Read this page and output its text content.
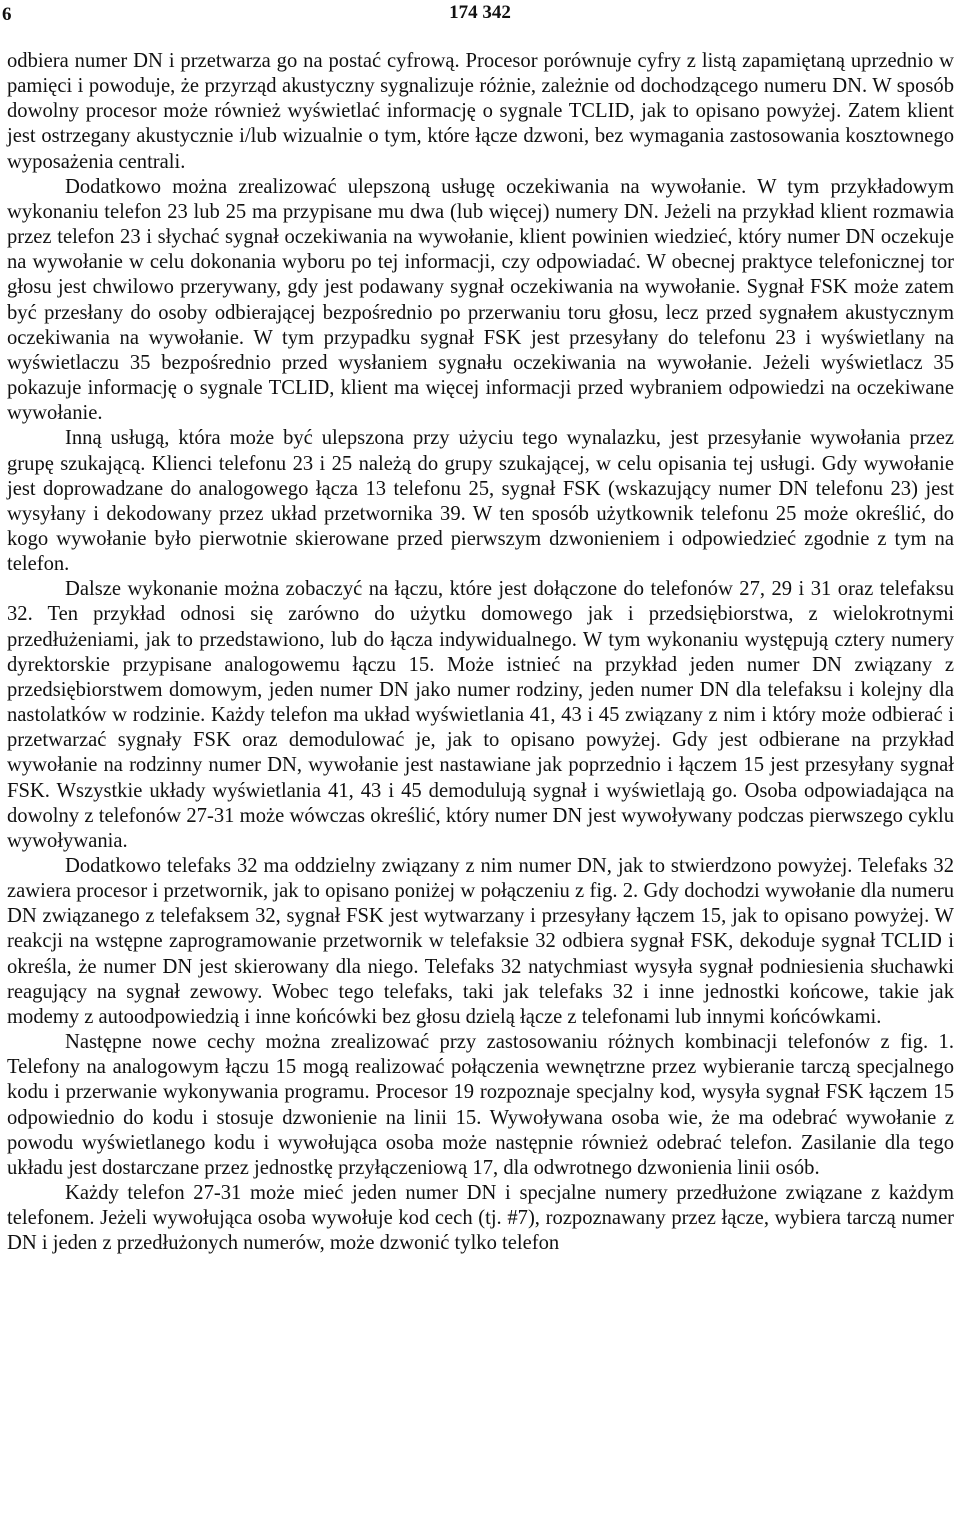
6	174 342

odbiera numer DN i przetwarza go na postać cyfrową. Procesor porównuje cyfry z listą zapamiętaną uprzednio w pamięci i powoduje, że przyrząd akustyczny sygnalizuje różnie, zależnie od dochodzącego numeru DN. W sposób dowolny procesor może również wyświetlać informację o sygnale TCLID, jak to opisano powyżej. Zatem klient jest ostrzegany akustycznie i/lub wizualnie o tym, które łącze dzwoni, bez wymagania zastosowania kosztownego wyposażenia centrali.

Dodatkowo można zrealizować ulepszoną usługę oczekiwania na wywołanie. W tym przykładowym wykonaniu telefon 23 lub 25 ma przypisane mu dwa (lub więcej) numery DN. Jeżeli na przykład klient rozmawia przez telefon 23 i słychać sygnał oczekiwania na wywołanie, klient powinien wiedzieć, który numer DN oczekuje na wywołanie w celu dokonania wyboru po tej informacji, czy odpowiadać. W obecnej praktyce telefonicznej tor głosu jest chwilowo przerywany, gdy jest podawany sygnał oczekiwania na wywołanie. Sygnał FSK może zatem być przesłany do osoby odbierającej bezpośrednio po przerwaniu toru głosu, lecz przed sygnałem akustycznym oczekiwania na wywołanie. W tym przypadku sygnał FSK jest przesyłany do telefonu 23 i wyświetlany na wyświetlaczu 35 bezpośrednio przed wysłaniem sygnału oczekiwania na wywołanie. Jeżeli wyświetlacz 35 pokazuje informację o sygnale TCLID, klient ma więcej informacji przed wybraniem odpowiedzi na oczekiwane wywołanie.

Inną usługą, która może być ulepszona przy użyciu tego wynalazku, jest przesyłanie wywołania przez grupę szukającą. Klienci telefonu 23 i 25 należą do grupy szukającej, w celu opisania tej usługi. Gdy wywołanie jest doprowadzane do analogowego łącza 13 telefonu 25, sygnał FSK (wskazujący numer DN telefonu 23) jest wysyłany i dekodowany przez układ przetwornika 39. W ten sposób użytkownik telefonu 25 może określić, do kogo wywołanie było pierwotnie skierowane przed pierwszym dzwonieniem i odpowiedzieć zgodnie z tym na telefon.

Dalsze wykonanie można zobaczyć na łączu, które jest dołączone do telefonów 27, 29 i 31 oraz telefaksu 32. Ten przykład odnosi się zarówno do użytku domowego jak i przedsiębiorstwa, z wielokrotnymi przedłużeniami, jak to przedstawiono, lub do łącza indywidualnego. W tym wykonaniu występują cztery numery dyrektorskie przypisane analogowemu łączu 15. Może istnieć na przykład jeden numer DN związany z przedsiębiorstwem domowym, jeden numer DN jako numer rodziny, jeden numer DN dla telefaksu i kolejny dla nastolatków w rodzinie. Każdy telefon ma układ wyświetlania 41, 43 i 45 związany z nim i który może odbierać i przetwarzać sygnały FSK oraz demodulować je, jak to opisano powyżej. Gdy jest odbierane na przykład wywołanie na rodzinny numer DN, wywołanie jest nastawiane jak poprzednio i łączem 15 jest przesyłany sygnał FSK. Wszystkie układy wyświetlania 41, 43 i 45 demodulują sygnał i wyświetlają go. Osoba odpowiadająca na dowolny z telefonów 27-31 może wówczas określić, który numer DN jest wywoływany podczas pierwszego cyklu wywoływania.

Dodatkowo telefaks 32 ma oddzielny związany z nim numer DN, jak to stwierdzono powyżej. Telefaks 32 zawiera procesor i przetwornik, jak to opisano poniżej w połączeniu z fig. 2. Gdy dochodzi wywołanie dla numeru DN związanego z telefaksem 32, sygnał FSK jest wytwarzany i przesyłany łączem 15, jak to opisano powyżej. W reakcji na wstępne zaprogramowanie przetwornik w telefaksie 32 odbiera sygnał FSK, dekoduje sygnał TCLID i określa, że numer DN jest skierowany dla niego. Telefaks 32 natychmiast wysyła sygnał podniesienia słuchawki reagujący na sygnał zewowy. Wobec tego telefaks, taki jak telefaks 32 i inne jednostki końcowe, takie jak modemy z autoodpowiedzią i inne końcówki bez głosu dzielą łącze z telefonami lub innymi końcówkami.

Następne nowe cechy można zrealizować przy zastosowaniu różnych kombinacji telefonów z fig. 1. Telefony na analogowym łączu 15 mogą realizować połączenia wewnętrzne przez wybieranie tarczą specjalnego kodu i przerwanie wykonywania programu. Procesor 19 rozpoznaje specjalny kod, wysyła sygnał FSK łączem 15 odpowiednio do kodu i stosuje dzwonienie na linii 15. Wywoływana osoba wie, że ma odebrać wywołanie z powodu wyświetlanego kodu i wywołująca osoba może następnie również odebrać telefon. Zasilanie dla tego układu jest dostarczane przez jednostkę przyłączeniową 17, dla odwrotnego dzwonienia linii osób.

Każdy telefon 27-31 może mieć jeden numer DN i specjalne numery przedłużone związane z każdym telefonem. Jeżeli wywołująca osoba wywołuje kod cech (tj. #7), rozpoznawany przez łącze, wybiera tarczą numer DN i jeden z przedłużonych numerów, może dzwonić tylko telefon
